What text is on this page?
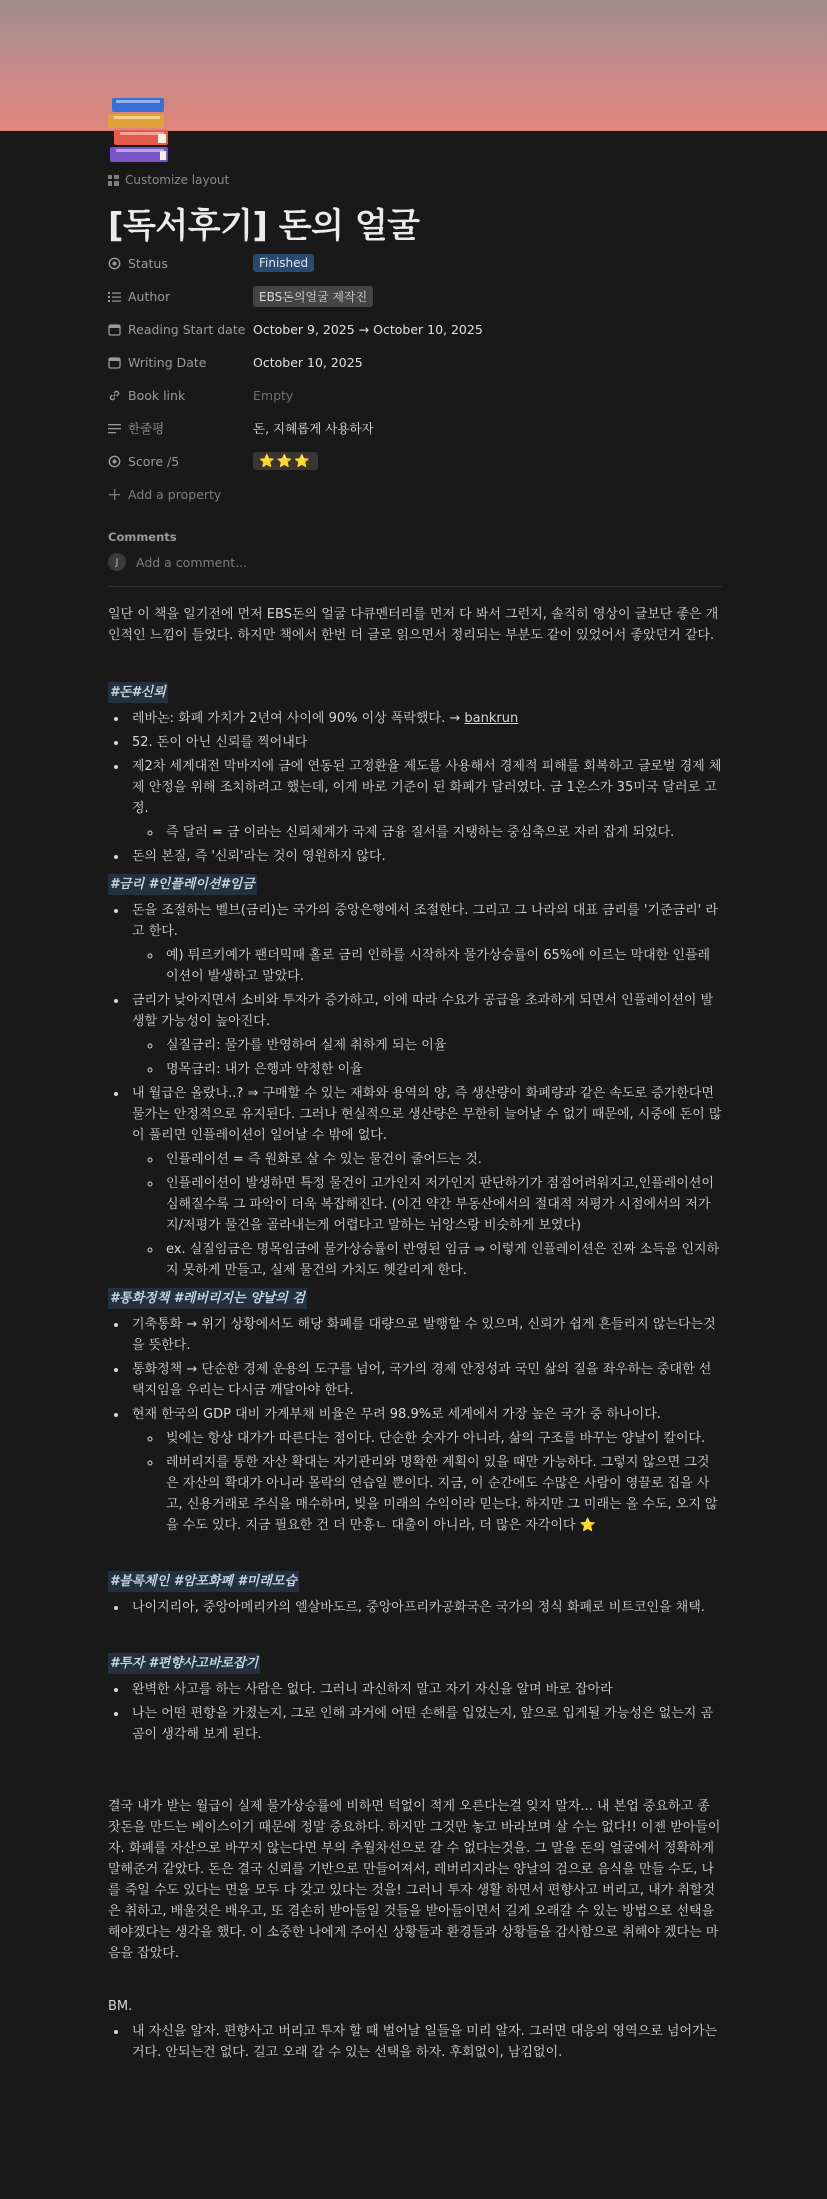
Customize layout
[독서후기] 돈의 얼굴
Status	Finished
Author	EBS돈의얼굴 제작진
Reading Start date October 9, 2025 → October 10, 2025
Writing Date	October 10, 2025
Book link	Empty
한줄평	돈, 지혜롭게 사용하자
Score /5	⭐⭐⭐
Add a property
Comments
J	Add a comment...

일단 이 책을 일기전에 먼저 EBS돈의 얼굴 다큐멘터리를 먼저 다 봐서 그런지, 솔직히 영상이 글보단 좋은 개인적인 느낌이 들었다. 하지만 책에서 한번 더 글로 읽으면서 정리되는 부분도 같이 있었어서 좋았던거 같다.

#돈#신뢰
• 레바논: 화폐 가치가 2년여 사이에 90% 이상 폭락했다. → bankrun
• 52. 돈이 아닌 신뢰를 찍어내다
• 제2차 세계대전 막바지에 금에 연동된 고정환율 제도를 사용해서 경제적 피해를 회복하고 글로벌 경제 체제 안정을 위해 조치하려고 했는데, 이게 바로 기준이 된 화폐가 달러였다. 금 1온스가 35미국 달러로 고정.
◦ 즉 달러 = 금 이라는 신뢰체계가 국제 금융 질서를 지탱하는 중심축으로 자리 잡게 되었다.
• 돈의 본질, 즉 '신뢰'라는 것이 영원하지 않다.
#금리 #인플레이션#임금
• 돈을 조절하는 벨브(금리)는 국가의 중앙은행에서 조절한다. 그리고 그 나라의 대표 금리를 '기준금리' 라고 한다.
◦ 예) 튀르키예가 팬더믹때 홀로 금리 인하를 시작하자 물가상승률이 65%에 이르는 막대한 인플레이션이 발생하고 말았다.
• 금리가 낮아지면서 소비와 투자가 증가하고, 이에 따라 수요가 공급을 초과하게 되면서 인플레이션이 발생할 가능성이 높아진다.
◦ 실질금리: 물가를 반영하여 실제 취하게 되는 이율
◦ 명목금리: 내가 은행과 약정한 이율
• 내 월급은 올랐나..? ⇒ 구매할 수 있는 재화와 용역의 양, 즉 생산량이 화폐량과 같은 속도로 증가한다면 물가는 안정적으로 유지된다. 그러나 현실적으로 생산량은 무한히 늘어날 수 없기 때문에, 시중에 돈이 많이 풀리면 인플레이션이 일어날 수 밖에 없다.
◦ 인플레이션 = 즉 원화로 살 수 있는 물건이 줄어드는 것.
◦ 인플레이션이 발생하면 특정 물건이 고가인지 저가인지 판단하기가 점점어려워지고,인플레이션이 심해질수록 그 파악이 더욱 복잡해진다. (이건 약간 부동산에서의 절대적 저평가 시점에서의 저가지/저평가 물건을 골라내는게 어렵다고 말하는 뉘앙스랑 비슷하게 보였다)
◦ ex. 실질임금은 명목임금에 물가상승률이 반영된 임금 ⇒ 이렇게 인플레이션은 진짜 소득을 인지하지 못하게 만들고, 실제 물건의 가치도 헷갈리게 한다.
#통화정책 #레버리지는 양날의 검
• 기축통화 → 위기 상황에서도 해당 화폐를 대량으로 발행할 수 있으며, 신뢰가 쉽게 흔들리지 않는다는것을 뜻한다.
• 통화정책 → 단순한 경제 운용의 도구를 넘어, 국가의 경제 안정성과 국민 삶의 질을 좌우하는 중대한 선택지임을 우리는 다시금 깨달아야 한다.
• 현재 한국의 GDP 대비 가계부채 비율은 무려 98.9%로 세계에서 가장 높은 국가 중 하나이다.
◦ 빚에는 항상 대가가 따른다는 점이다. 단순한 숫자가 아니라, 삶의 구조를 바꾸는 양날이 칼이다.
◦ 레버리지를 통한 자산 확대는 자기관리와 명확한 계획이 있을 때만 가능하다. 그렇지 않으면 그것은 자산의 확대가 아니라 몰락의 연습일 뿐이다. 지금, 이 순간에도 수많은 사람이 영끌로 집을 사고, 신용거래로 주식을 매수하며, 빚을 미래의 수익이라 믿는다. 하지만 그 미래는 올 수도, 오지 않을 수도 있다. 지금 필요한 건 더 만흥ㄴ 대출이 아니라, 더 많은 자각이다 ⭐
#블록체인 #암포화폐 #미래모습
• 나이지리아, 중앙아메리카의 엘살바도르, 중앙아프리카공화국은 국가의 정식 화폐로 비트코인을 채택.
#투자 #편향사고바로잡기
• 완벽한 사고를 하는 사람은 없다. 그러니 과신하지 말고 자기 자신을 알며 바로 잡아라
• 나는 어떤 편향을 가졌는지, 그로 인해 과거에 어떤 손해를 입었는지, 앞으로 입게될 가능성은 없는지 곰곰이 생각해 보게 된다.

결국 내가 받는 월급이 실제 물가상승률에 비하면 턱없이 적게 오른다는걸 잊지 말자... 내 본업 중요하고 종잣돈을 만드는 베이스이기 때문에 정말 중요하다. 하지만 그것만 놓고 바라보며 살 수는 없다!! 이젠 받아들이자. 화폐를 자산으로 바꾸지 않는다면 부의 추월차선으로 갈 수 없다는것을. 그 말을 돈의 얼굴에서 정확하게 말해준거 같았다. 돈은 결국 신뢰를 기반으로 만들어져서, 레버리지라는 양날의 검으로 음식을 만들 수도, 나를 죽일 수도 있다는 면을 모두 다 갖고 있다는 것을! 그러니 투자 생활 하면서 편향사고 버리고, 내가 취할것은 취하고, 배울것은 배우고, 또 겸손히 받아들일 것들을 받아들이면서 길게 오래갈 수 있는 방법으로 선택을 해야겠다는 생각을 했다. 이 소중한 나에게 주어신 상황들과 환경들과 상황들을 감사함으로 취해야 겠다는 마음을 잡았다.

BM.

• 내 자신을 알자. 편향사고 버리고 투자 할 때 벌어날 일들을 미리 알자. 그러면 대응의 영역으로 넘어가는거다. 안되는건 없다. 길고 오래 갈 수 있는 선택을 하자. 후회없이, 남김없이.
